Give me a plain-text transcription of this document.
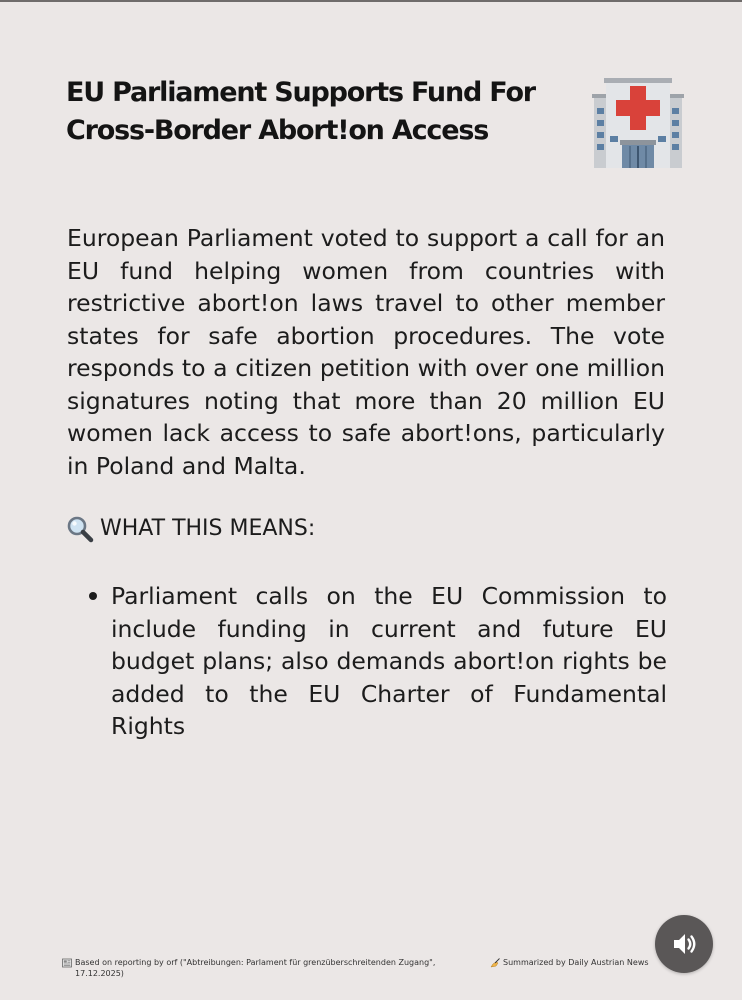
EU Parliament Supports Fund For Cross-Border Abort!on Access

European Parliament voted to support a call for an EU fund helping women from countries with restrictive abort!on laws travel to other member states for safe abortion procedures. The vote responds to a citizen petition with over one million signatures noting that more than 20 million EU women lack access to safe abort!ons, particularly in Poland and Malta.

WHAT THIS MEANS:
Parliament calls on the EU Commission to include funding in current and future EU budget plans; also demands abort!on rights be added to the EU Charter of Fundamental Rights
Based on reporting by orf ("Abtreibungen: Parlament für grenzüberschreitenden Zugang", 17.12.2025)
Summarized by Daily Austrian News
